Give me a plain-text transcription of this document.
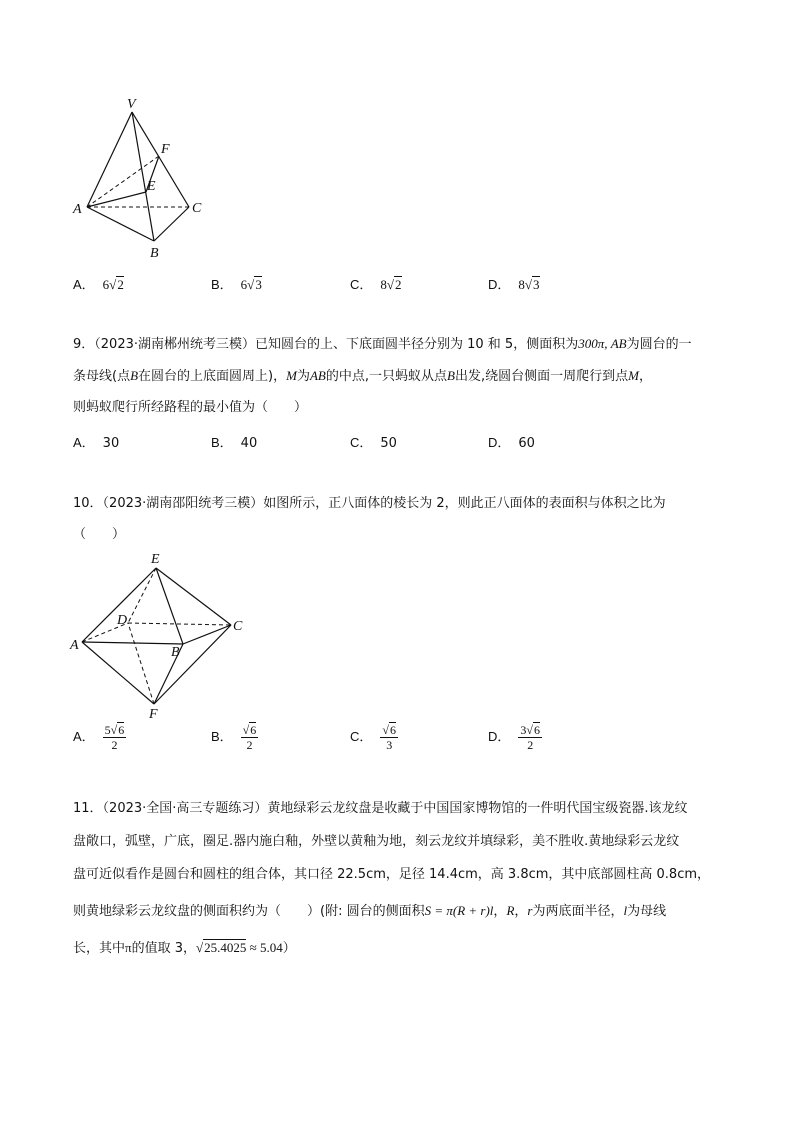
V
F
E
A	C
B
A． 6√2	B． 6√3	C． 8√2	D． 8√3
9．（2023·湖南郴州统考三模）已知圆台的上、下底面圆半径分别为 10 和 5，侧面积为300π, AB为圆台的一
条母线(点B在圆台的上底面圆周上)，M为AB的中点,一只蚂蚁从点B出发,绕圆台侧面一周爬行到点M，
则蚂蚁爬行所经路程的最小值为（　　）
A． 30	B． 40	C． 50	D． 60
10．（2023·湖南邵阳统考三模）如图所示，正八面体的棱长为 2，则此正八面体的表面积与体积之比为
（　　）
E
D	C
A	B
F
A． $\frac{5√6}{2}$	B． $\frac{√6}{2}$	C． $\frac{√6}{3}$	D． $\frac{3√6}{2}$
11．（2023·全国·高三专题练习）黄地绿彩云龙纹盘是收藏于中国国家博物馆的一件明代国宝级瓷器.该龙纹
盘敞口，弧壁，广底，圈足.器内施白釉，外壁以黄釉为地，刻云龙纹并填绿彩，美不胜收.黄地绿彩云龙纹
盘可近似看作是圆台和圆柱的组合体，其口径 22.5cm，足径 14.4cm，高 3.8cm，其中底部圆柱高 0.8cm，
则黄地绿彩云龙纹盘的侧面积约为（　　）(附: 圆台的侧面积S = π(R + r)l，R，r为两底面半径，l为母线
长，其中π的值取 3，√25.4025 ≈ 5.04）
